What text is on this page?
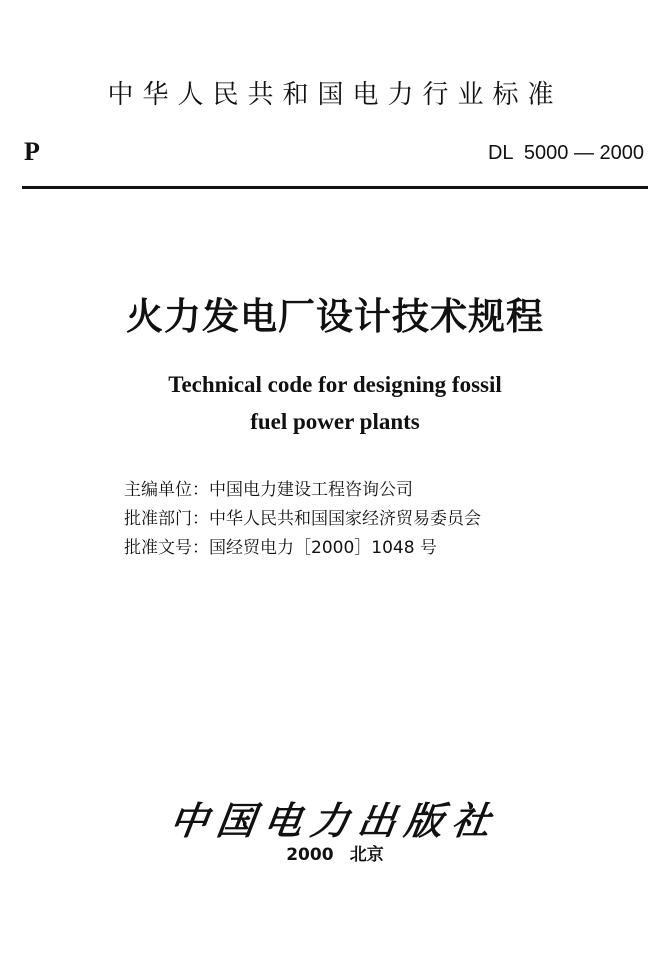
中华人民共和国电力行业标准
P	DL  5000 — 2000
火力发电厂设计技术规程
Technical code for designing fossil
fuel power plants
主编单位：中国电力建设工程咨询公司
批准部门：中华人民共和国国家经济贸易委员会
批准文号：国经贸电力［2000］1048 号
中国电力出版社
2000 北京
